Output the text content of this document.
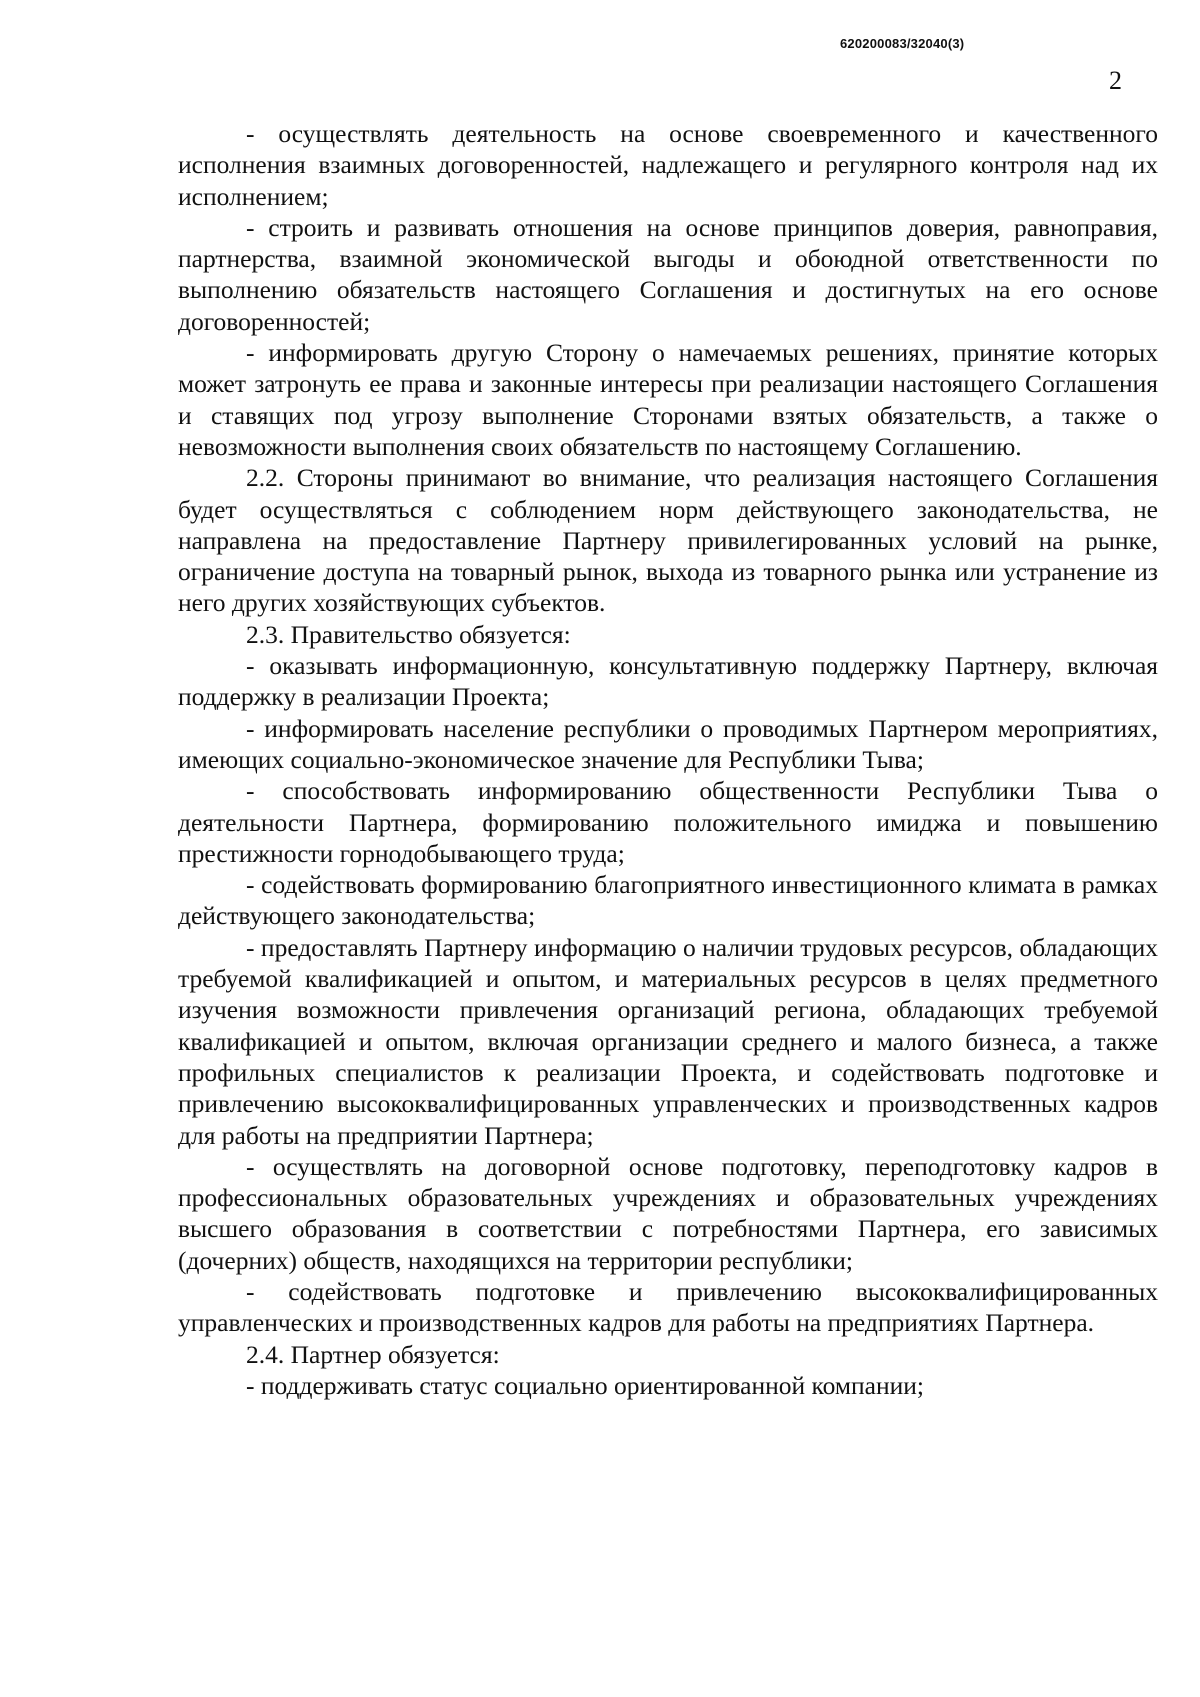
620200083/32040(3)
2

- осуществлять деятельность на основе своевременного и качественного исполнения взаимных договоренностей, надлежащего и регулярного контроля над их исполнением;

- строить и развивать отношения на основе принципов доверия, равноправия, партнерства, взаимной экономической выгоды и обоюдной ответственности по выполнению обязательств настоящего Соглашения и достигнутых на его основе договоренностей;

- информировать другую Сторону о намечаемых решениях, принятие которых может затронуть ее права и законные интересы при реализации настоящего Соглашения и ставящих под угрозу выполнение Сторонами взятых обязательств, а также о невозможности выполнения своих обязательств по настоящему Соглашению.

2.2. Стороны принимают во внимание, что реализация настоящего Соглашения будет осуществляться с соблюдением норм действующего законодательства, не направлена на предоставление Партнеру привилегированных условий на рынке, ограничение доступа на товарный рынок, выхода из товарного рынка или устранение из него других хозяйствующих субъектов.

2.3. Правительство обязуется:

- оказывать информационную, консультативную поддержку Партнеру, включая поддержку в реализации Проекта;

- информировать население республики о проводимых Партнером мероприятиях, имеющих социально-экономическое значение для Республики Тыва;

- способствовать информированию общественности Республики Тыва о деятельности Партнера, формированию положительного имиджа и повышению престижности горнодобывающего труда;

- содействовать формированию благоприятного инвестиционного климата в рамках действующего законодательства;

- предоставлять Партнеру информацию о наличии трудовых ресурсов, обладающих требуемой квалификацией и опытом, и материальных ресурсов в целях предметного изучения возможности привлечения организаций региона, обладающих требуемой квалификацией и опытом, включая организации среднего и малого бизнеса, а также профильных специалистов к реализации Проекта, и содействовать подготовке и привлечению высококвалифицированных управленческих и производственных кадров для работы на предприятии Партнера;

- осуществлять на договорной основе подготовку, переподготовку кадров в профессиональных образовательных учреждениях и образовательных учреждениях высшего образования в соответствии с потребностями Партнера, его зависимых (дочерних) обществ, находящихся на территории республики;

- содействовать подготовке и привлечению высококвалифицированных управленческих и производственных кадров для работы на предприятиях Партнера.

2.4. Партнер обязуется:

- поддерживать статус социально ориентированной компании;
